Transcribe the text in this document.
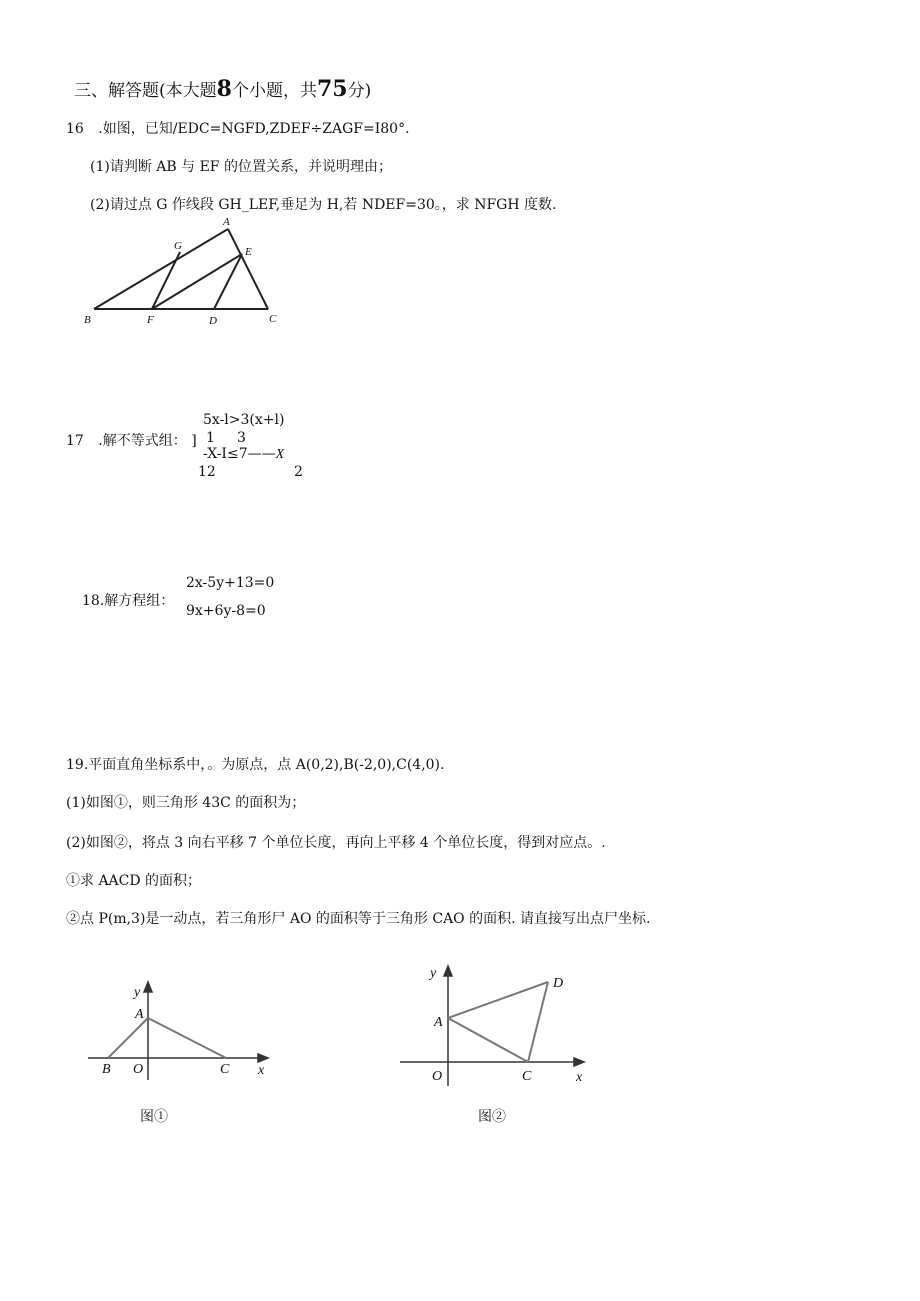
三、解答题(本大题8个小题，共75分)
16 .如图，已知/EDC=NGFD,ZDEF÷ZAGF=I80°.
(1)请判断 AB 与 EF 的位置关系，并说明理由；
(2)请过点 G 作线段 GH_LEF,垂足为 H,若 NDEF=30。，求 NFGH 度数.
A
G	E
B	F	D	C
5x-l>3(x+l)
17 .解不等式组： ] 1 3
-X-I≤7——X
12	2
2x-5y+13=0
18.解方程组：
9x+6y-8=0
19.平面直角坐标系中，。为原点，点 A(0,2),B(-2,0),C(4,0).
(1)如图①，则三角形 43C 的面积为；
(2)如图②，将点 3 向右平移 7 个单位长度，再向上平移 4 个单位长度，得到对应点。.
①求 AACD 的面积；
②点 P(m,3)是一动点，若三角形尸 AO 的面积等于三角形 CAO 的面积. 请直接写出点尸坐标.
y
A
B O	C x
图①
y
A
D
O	C	x
图②
